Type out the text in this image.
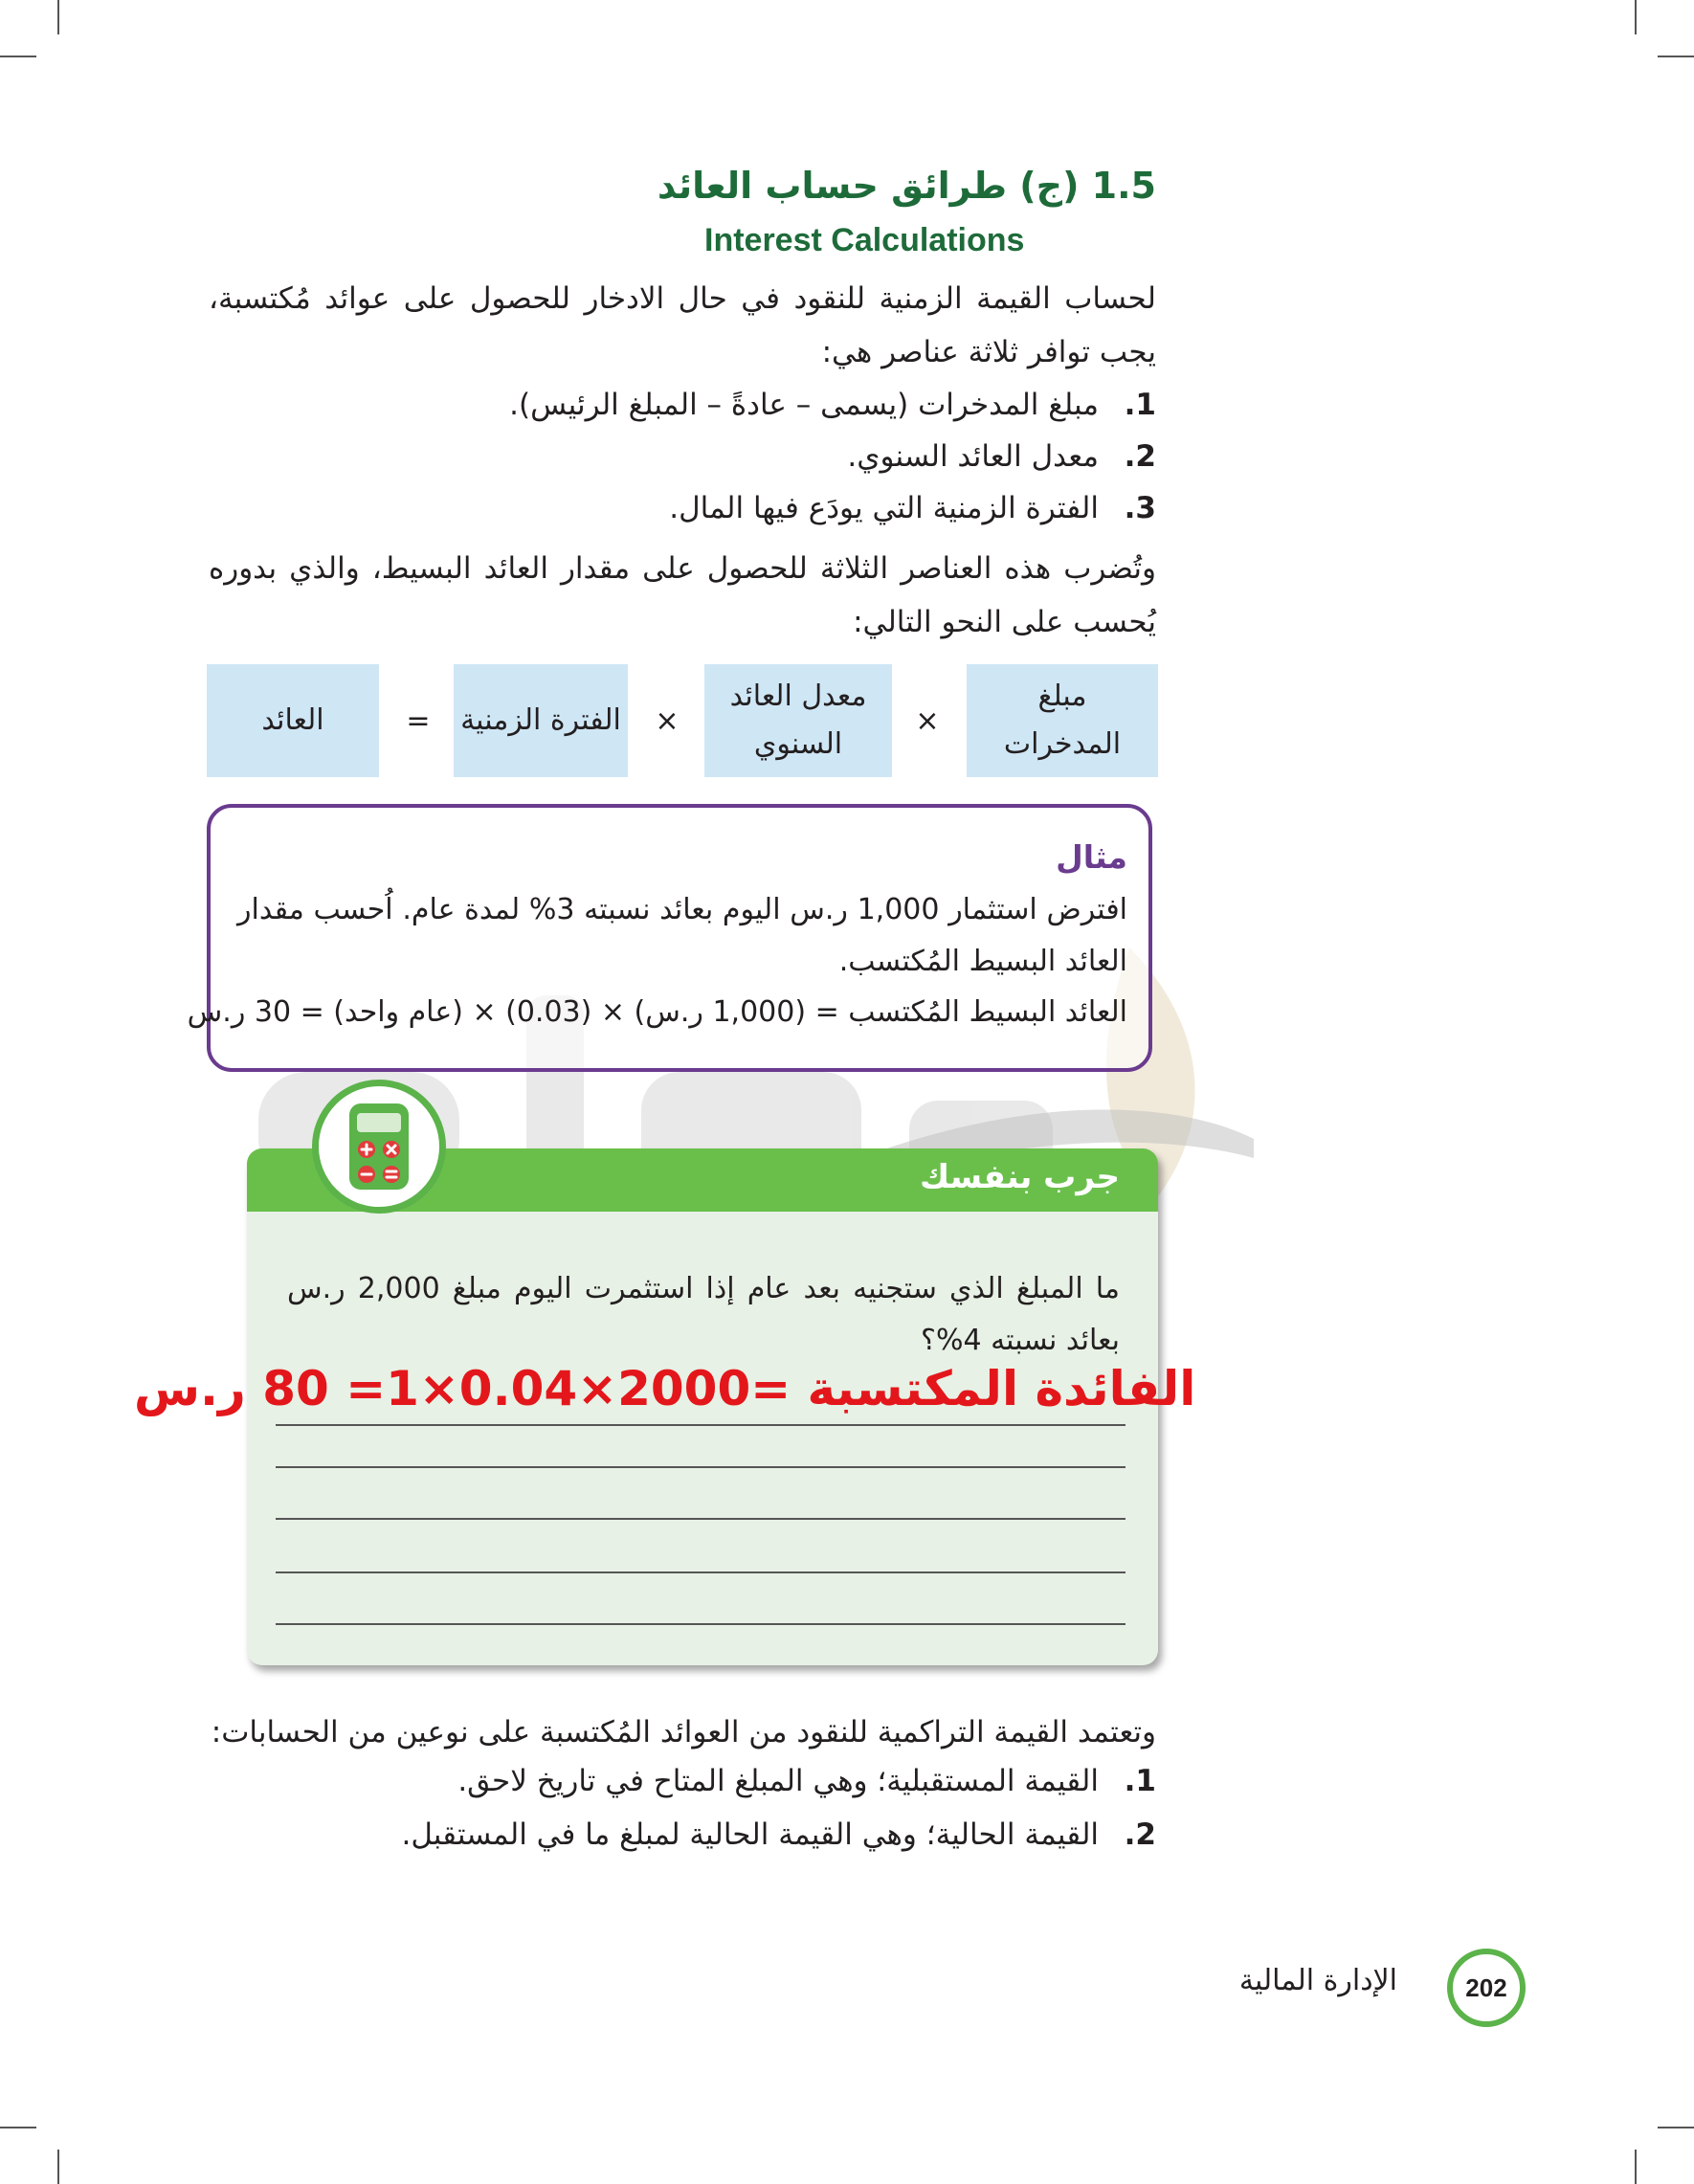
1.5 (ج) طرائق حساب العائد
Interest Calculations
لحساب القيمة الزمنية للنقود في حال الادخار للحصول على عوائد مُكتسبة، يجب توافر ثلاثة عناصر هي:
1.مبلغ المدخرات (يسمى – عادةً – المبلغ الرئيس).
2.معدل العائد السنوي.
3.الفترة الزمنية التي يودَع فيها المال.
وتُضرب هذه العناصر الثلاثة للحصول على مقدار العائد البسيط، والذي بدوره يُحسب على النحو التالي:
مبلغ المدخرات
×
معدل العائد السنوي
×
الفترة الزمنية
=
العائد
مثال
افترض استثمار 1,000 ر.س اليوم بعائد نسبته 3% لمدة عام. اُحسب مقدار العائد البسيط المُكتسب.
العائد البسيط المُكتسب = (1,000 ر.س) × (0.03) × (عام واحد) = 30 ر.س
جرب بنفسك
ما المبلغ الذي ستجنيه بعد عام إذا استثمرت اليوم مبلغ 2,000 ر.س بعائد نسبته 4%؟
الفائدة المكتسبة =2000×0.04×1= 80 ر.س
وتعتمد القيمة التراكمية للنقود من العوائد المُكتسبة على نوعين من الحسابات:
1.القيمة المستقبلية؛ وهي المبلغ المتاح في تاريخ لاحق.
2.القيمة الحالية؛ وهي القيمة الحالية لمبلغ ما في المستقبل.
202
الإدارة المالية
